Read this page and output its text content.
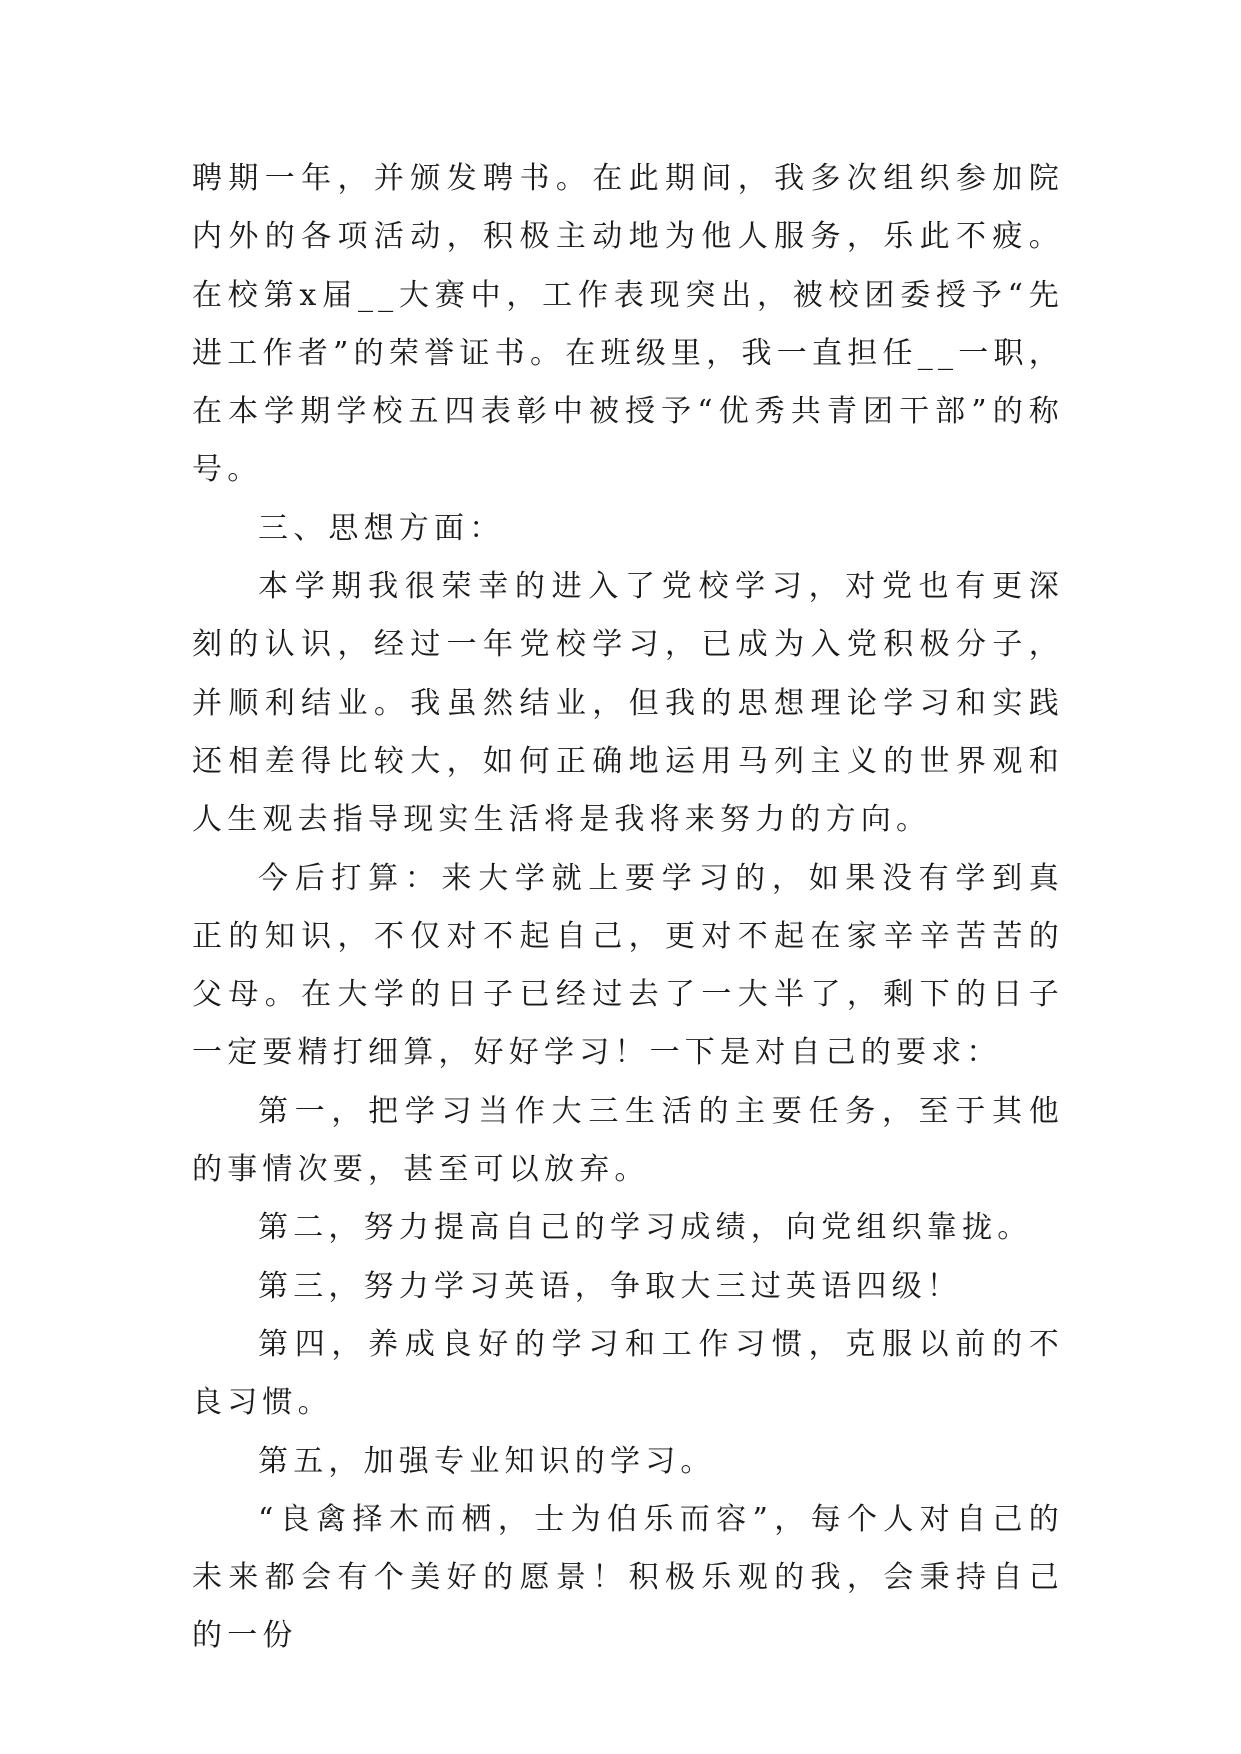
聘期一年，并颁发聘书。在此期间，我多次组织参加院内外的各项活动，积极主动地为他人服务，乐此不疲。在校第x届__大赛中，工作表现突出，被校团委授予“先进工作者”的荣誉证书。在班级里，我一直担任__一职，在本学期学校五四表彰中被授予“优秀共青团干部”的称号。

三、思想方面：

本学期我很荣幸的进入了党校学习，对党也有更深刻的认识，经过一年党校学习，已成为入党积极分子，并顺利结业。我虽然结业，但我的思想理论学习和实践还相差得比较大，如何正确地运用马列主义的世界观和人生观去指导现实生活将是我将来努力的方向。

今后打算：来大学就上要学习的，如果没有学到真正的知识，不仅对不起自己，更对不起在家辛辛苦苦的父母。在大学的日子已经过去了一大半了，剩下的日子一定要精打细算，好好学习！一下是对自己的要求：

第一，把学习当作大三生活的主要任务，至于其他的事情次要，甚至可以放弃。

第二，努力提高自己的学习成绩，向党组织靠拢。

第三，努力学习英语，争取大三过英语四级！

第四，养成良好的学习和工作习惯，克服以前的不良习惯。

第五，加强专业知识的学习。

“良禽择木而栖，士为伯乐而容”，每个人对自己的未来都会有个美好的愿景！积极乐观的我，会秉持自己的一份
